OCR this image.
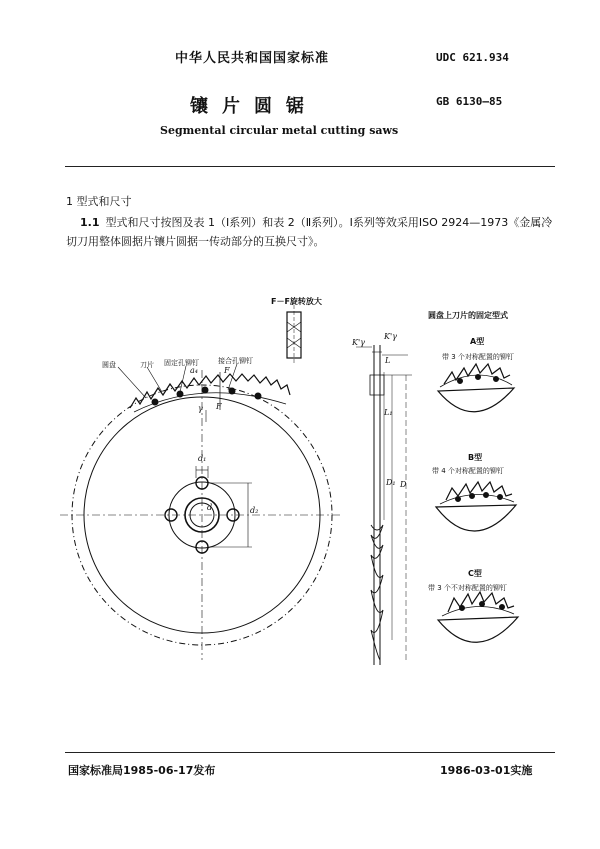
中华人民共和国国家标准	UDC 621.934
镶片圆锯	GB 6130—85
Segmental circular metal cutting saws
1 型式和尺寸
1.1 型式和尺寸按图及表 1（Ⅰ系列）和表 2（Ⅱ系列）。Ⅰ系列等效采用ISO 2924—1973《金属冷切刀用整体圆据片镶片圆据一传动部分的互换尺寸》。
F－F旋转放大
圆盘	刀片 固定孔铆钉	接合孔铆钉
a₄	F
F
γ
d₁
d₂
d
K'γ
K'γ
L
L₁
D₁ D
圆盘上刀片的固定型式
A型
带 3 个对称配置的铆钉
B型
带 4 个对称配置的铆钉
C型
带 3 个不对称配置的铆钉
国家标准局1985-06-17发布	1986-03-01实施
